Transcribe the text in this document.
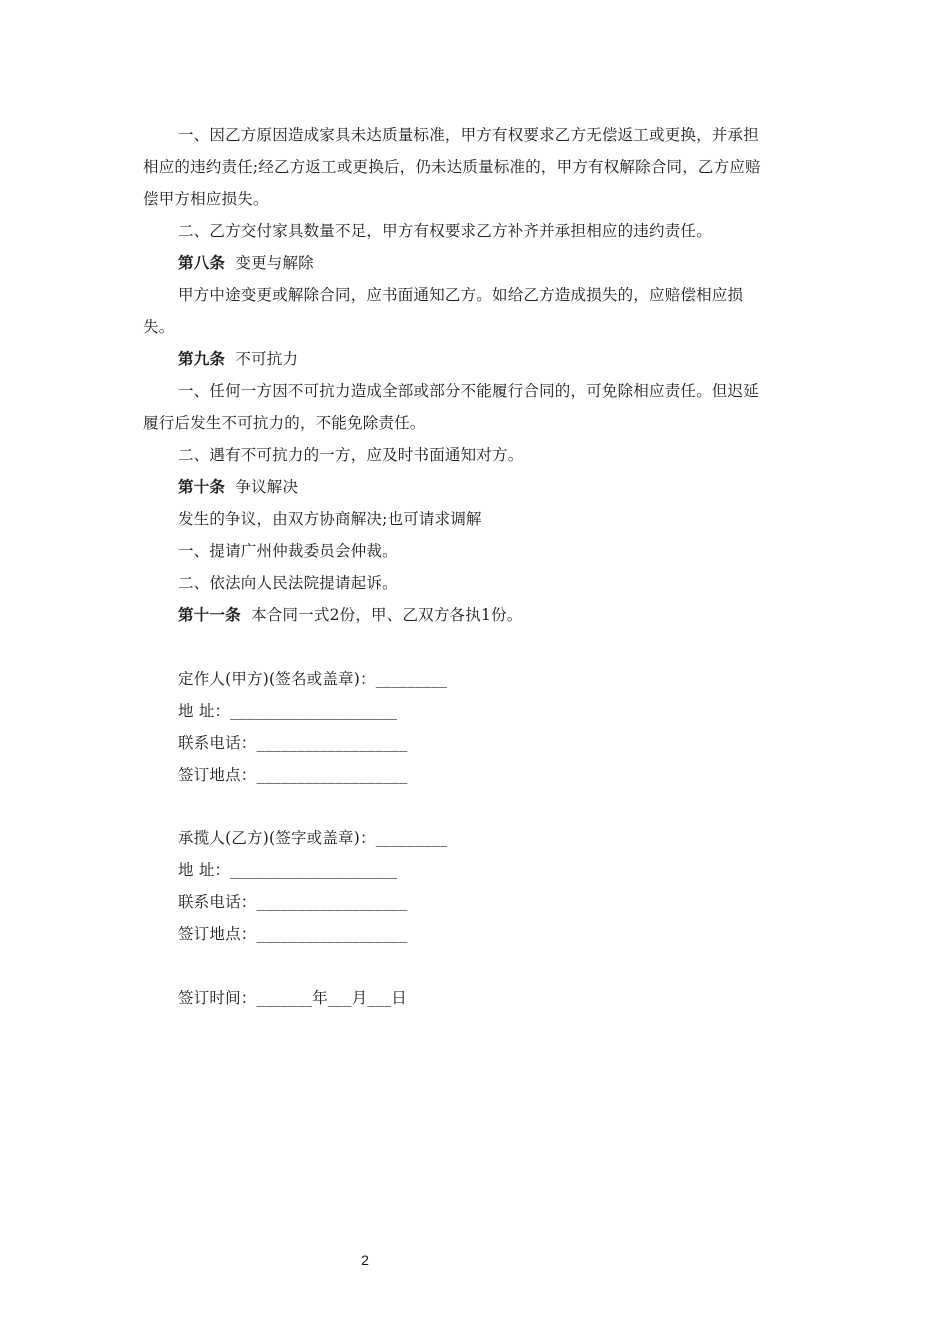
一、因乙方原因造成家具未达质量标准，甲方有权要求乙方无偿返工或更换，并承担
相应的违约责任;经乙方返工或更换后，仍未达质量标准的，甲方有权解除合同，乙方应赔
偿甲方相应损失。
二、乙方交付家具数量不足，甲方有权要求乙方补齐并承担相应的违约责任。
第八条 变更与解除
甲方中途变更或解除合同，应书面通知乙方。如给乙方造成损失的，应赔偿相应损
失。
第九条 不可抗力
一、任何一方因不可抗力造成全部或部分不能履行合同的，可免除相应责任。但迟延
履行后发生不可抗力的，不能免除责任。
二、遇有不可抗力的一方，应及时书面通知对方。
第十条 争议解决
发生的争议，由双方协商解决;也可请求调解
一、提请广州仲裁委员会仲裁。
二、依法向人民法院提请起诉。
第十一条 本合同一式2份，甲、乙双方各执1份。
定作人(甲方)(签名或盖章)：_________
地 址：_____________________
联系电话：___________________
签订地点：___________________
承揽人(乙方)(签字或盖章)：_________
地 址：_____________________
联系电话：___________________
签订地点：___________________
签订时间：_______年___月___日
2
